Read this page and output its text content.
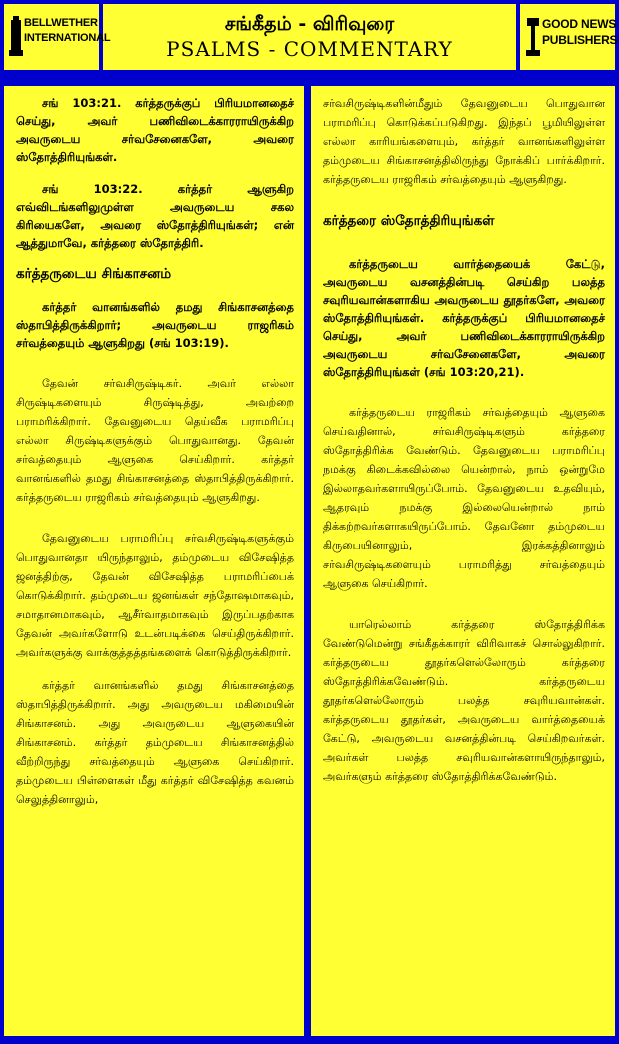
BELLWETHER
INTERNATIONAL
சங்கீதம் - விரிவுரை
PSALMS - COMMENTARY
GOOD NEWS
PUBLISHERS

சங் 103:21. கர்த்தருக்குப் பிரியமானதைச் செய்து, அவர் பணிவிடைக்காரராயிருக்கிற அவருடைய சர்வசேனைகளே, அவரை ஸ்தோத்திரியுங்கள்.

சங் 103:22. கர்த்தர் ஆளுகிற எவ்விடங்களிலுமுள்ள அவருடைய சகல கிரியைகளே, அவரை ஸ்தோத்திரியுங்கள்; என் ஆத்துமாவே, கர்த்தரை ஸ்தோத்திரி.

கர்த்தருடைய சிங்காசனம்

கர்த்தர் வானங்களில் தமது சிங்காசனத்தை ஸ்தாபித்திருக்கிறார்; அவருடைய ராஜரிகம் சர்வத்தையும் ஆளுகிறது (சங் 103:19).

தேவன் சர்வசிருஷ்டிகர். அவர் எல்லா சிருஷ்டிகளையும் சிருஷ்டித்து, அவற்றை பராமரிக்கிறார். தேவனுடைய தெய்வீக பராமரிப்பு எல்லா சிருஷ்டிகளுக்கும் பொதுவானது. தேவன் சர்வத்தையும் ஆளுகை செய்கிறார். கர்த்தர் வானங்களில் தமது சிங்காசனத்தை ஸ்தாபித்திருக்கிறார். கர்த்தருடைய ராஜரிகம் சர்வத்தையும் ஆளுகிறது.

தேவனுடைய பராமரிப்பு சர்வசிருஷ்டிகளுக்கும் பொதுவானதா யிருந்தாலும், தம்முடைய விசேஷித்த ஜனத்திற்கு, தேவன் விசேஷித்த பராமரிப்பைக் கொடுக்கிறார். தம்முடைய ஜனங்கள் சந்தோஷமாகவும், சமாதானமாகவும், ஆசீர்வாதமாகவும் இருப்பதற்காக தேவன் அவர்களோடு உடன்படிக்கை செய்திருக்கிறார். அவர்களுக்கு வாக்குத்தத்தங்களைக் கொடுத்திருக்கிறார்.

கர்த்தர் வானங்களில் தமது சிங்காசனத்தை ஸ்தாபித்திருக்கிறார். அது அவருடைய மகிமையின் சிங்காசனம். அது அவருடைய ஆளுகையின் சிங்காசனம். கர்த்தர் தம்முடைய சிங்காசனத்தில் வீற்றிருந்து சர்வத்தையும் ஆளுகை செய்கிறார். தம்முடைய பிள்ளைகள் மீது கர்த்தர் விசேஷித்த கவனம் செலுத்தினாலும்,

சர்வசிருஷ்டிகளின்மீதும் தேவனுடைய பொதுவான பராமரிப்பு கொடுக்கப்படுகிறது. இந்தப் பூமியிலுள்ள எல்லா காரியங்களையும், கர்த்தர் வானங்களிலுள்ள தம்முடைய சிங்காசனத்திலிருந்து நோக்கிப் பார்க்கிறார். கர்த்தருடைய ராஜரிகம் சர்வத்தையும் ஆளுகிறது.

கர்த்தரை ஸ்தோத்திரியுங்கள்

கர்த்தருடைய வார்த்தையைக் கேட்டு, அவருடைய வசனத்தின்படி செய்கிற பலத்த சவுரியவான்களாகிய அவருடைய தூதர்களே, அவரை ஸ்தோத்திரியுங்கள். கர்த்தருக்குப் பிரியமானதைச் செய்து, அவர் பணிவிடைக்காரராயிருக்கிற அவருடைய சர்வசேனைகளே, அவரை ஸ்தோத்திரியுங்கள் (சங் 103:20,21).

கர்த்தருடைய ராஜரிகம் சர்வத்தையும் ஆளுகை செய்வதினால், சர்வசிருஷ்டிகளும் கர்த்தரை ஸ்தோத்திரிக்க வேண்டும். தேவனுடைய பராமரிப்பு நமக்கு கிடைக்கவில்லை யென்றால், நாம் ஒன்றுமே இல்லாதவர்களாயிருப்போம். தேவனுடைய உதவியும், ஆதரவும் நமக்கு இல்லையென்றால் நாம் திக்கற்றவர்களாகயிருப்போம். தேவனோ தம்முடைய கிருபையினாலும், இரக்கத்தினாலும் சர்வசிருஷ்டிகளையும் பராமரித்து சர்வத்தையும் ஆளுகை செய்கிறார்.

யாரெல்லாம் கர்த்தரை ஸ்தோத்திரிக்க வேண்டுமென்று சங்கீதக்காரர் விரிவாகச் சொல்லுகிறார். கர்த்தருடைய தூதர்களெல்லோரும் கர்த்தரை ஸ்தோத்திரிக்கவேண்டும். கர்த்தருடைய தூதர்களெல்லோரும் பலத்த சவுரியவான்கள். கர்த்தருடைய தூதர்கள், அவருடைய வார்த்தையைக் கேட்டு, அவருடைய வசனத்தின்படி செய்கிறவர்கள். அவர்கள் பலத்த சவுரியவான்களாயிருந்தாலும், அவர்களும் கர்த்தரை ஸ்தோத்திரிக்கவேண்டும்.
